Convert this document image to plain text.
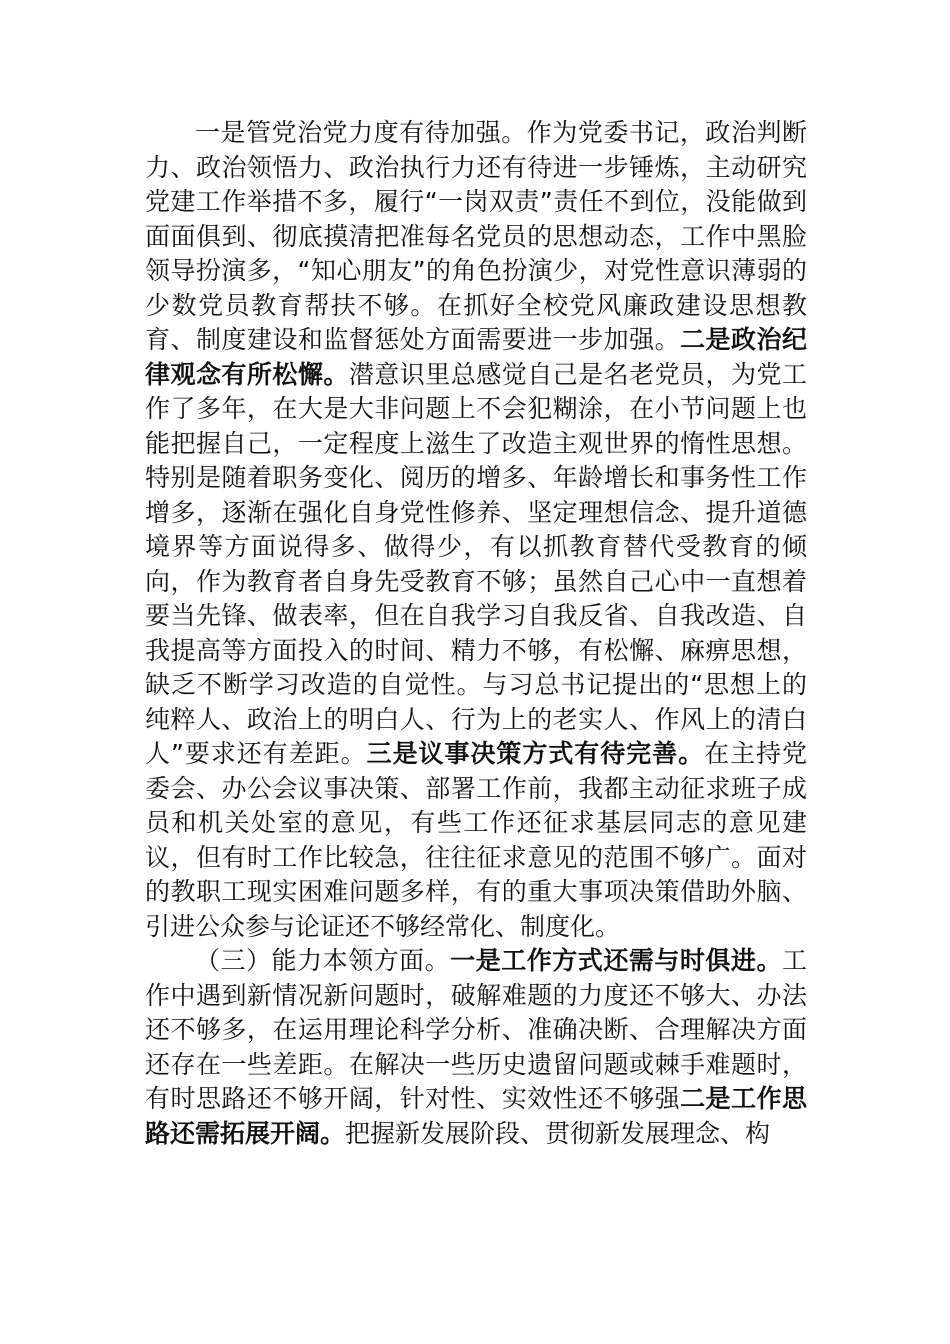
一是管党治党力度有待加强。作为党委书记，政治判断力、政治领悟力、政治执行力还有待进一步锤炼，主动研究党建工作举措不多，履行“一岗双责”责任不到位，没能做到面面俱到、彻底摸清把准每名党员的思想动态，工作中黑脸领导扮演多，“知心朋友”的角色扮演少，对党性意识薄弱的少数党员教育帮扶不够。在抓好全校党风廉政建设思想教育、制度建设和监督惩处方面需要进一步加强。二是政治纪律观念有所松懈。潜意识里总感觉自己是名老党员，为党工作了多年，在大是大非问题上不会犯糊涂，在小节问题上也能把握自己，一定程度上滋生了改造主观世界的惰性思想。特别是随着职务变化、阅历的增多、年龄增长和事务性工作增多，逐渐在强化自身党性修养、坚定理想信念、提升道德境界等方面说得多、做得少，有以抓教育替代受教育的倾向，作为教育者自身先受教育不够；虽然自己心中一直想着要当先锋、做表率，但在自我学习自我反省、自我改造、自我提高等方面投入的时间、精力不够，有松懈、麻痹思想，缺乏不断学习改造的自觉性。与习总书记提出的“思想上的纯粹人、政治上的明白人、行为上的老实人、作风上的清白人”要求还有差距。三是议事决策方式有待完善。在主持党委会、办公会议事决策、部署工作前，我都主动征求班子成员和机关处室的意见，有些工作还征求基层同志的意见建议，但有时工作比较急，往往征求意见的范围不够广。面对的教职工现实困难问题多样，有的重大事项决策借助外脑、引进公众参与论证还不够经常化、制度化。

（三）能力本领方面。一是工作方式还需与时俱进。工作中遇到新情况新问题时，破解难题的力度还不够大、办法还不够多，在运用理论科学分析、准确决断、合理解决方面还存在一些差距。在解决一些历史遗留问题或棘手难题时，有时思路还不够开阔，针对性、实效性还不够强二是工作思路还需拓展开阔。把握新发展阶段、贯彻新发展理念、构
